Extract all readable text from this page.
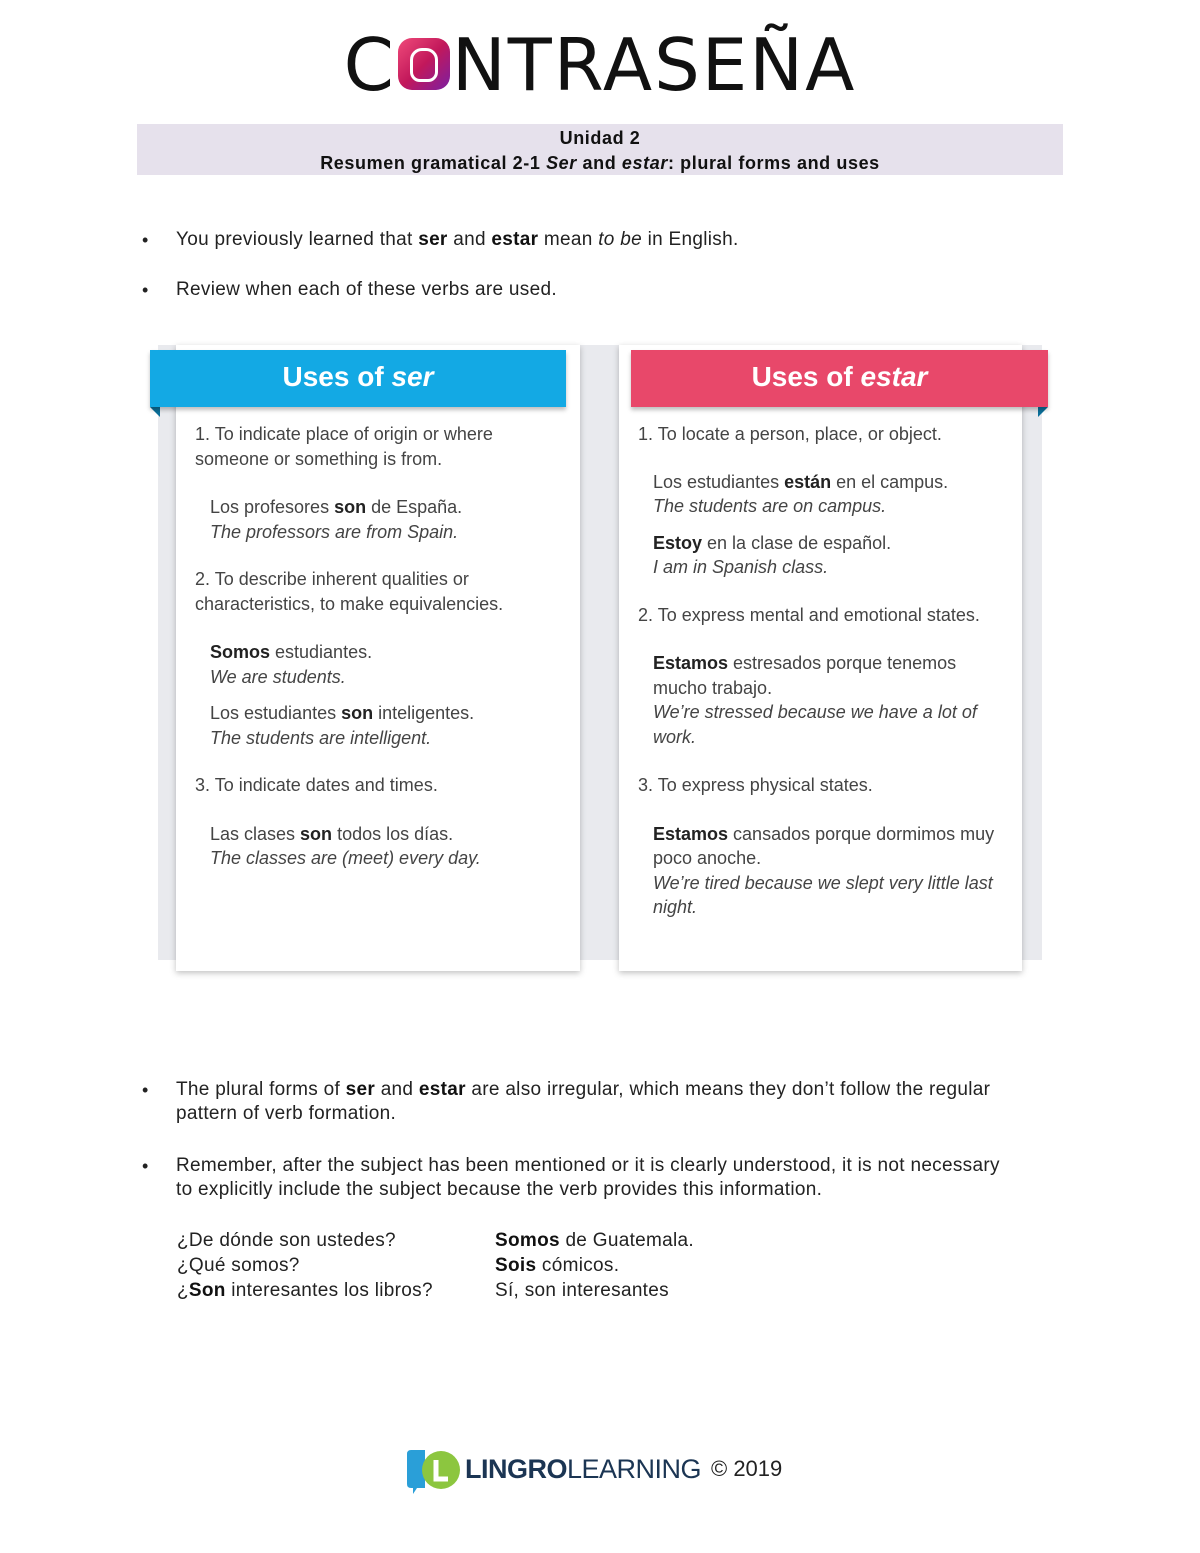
C NTRASEÑA
Unidad 2
Resumen gramatical 2-1 Ser and estar: plural forms and uses
• You previously learned that ser and estar mean to be in English.
• Review when each of these verbs are used.
Uses of ser	Uses of estar

1. To indicate place of origin or where someone or something is from.

Los profesores son de España.
The professors are from Spain.

2. To describe inherent qualities or characteristics, to make equivalencies.

Somos estudiantes.
We are students.
Los estudiantes son inteligentes.
The students are intelligent.

3. To indicate dates and times.

Las clases son todos los días.
The classes are (meet) every day.

1. To locate a person, place, or object.

Los estudiantes están en el campus.
The students are on campus.
Estoy en la clase de español.
I am in Spanish class.

2. To express mental and emotional states.

Estamos estresados porque tenemos mucho trabajo.
We’re stressed because we have a lot of work.

3. To express physical states.

Estamos cansados porque dormimos muy poco anoche.
We’re tired because we slept very little last night.
• The plural forms of ser and estar are also irregular, which means they don’t follow the regular pattern of verb formation.
• Remember, after the subject has been mentioned or it is clearly understood, it is not necessary to explicitly include the subject because the verb provides this information.
¿De dónde son ustedes?	Somos de Guatemala.
¿Qué somos?	Sois cómicos.
¿Son interesantes los libros?	Sí, son interesantes
LINGROLEARNING © 2019
